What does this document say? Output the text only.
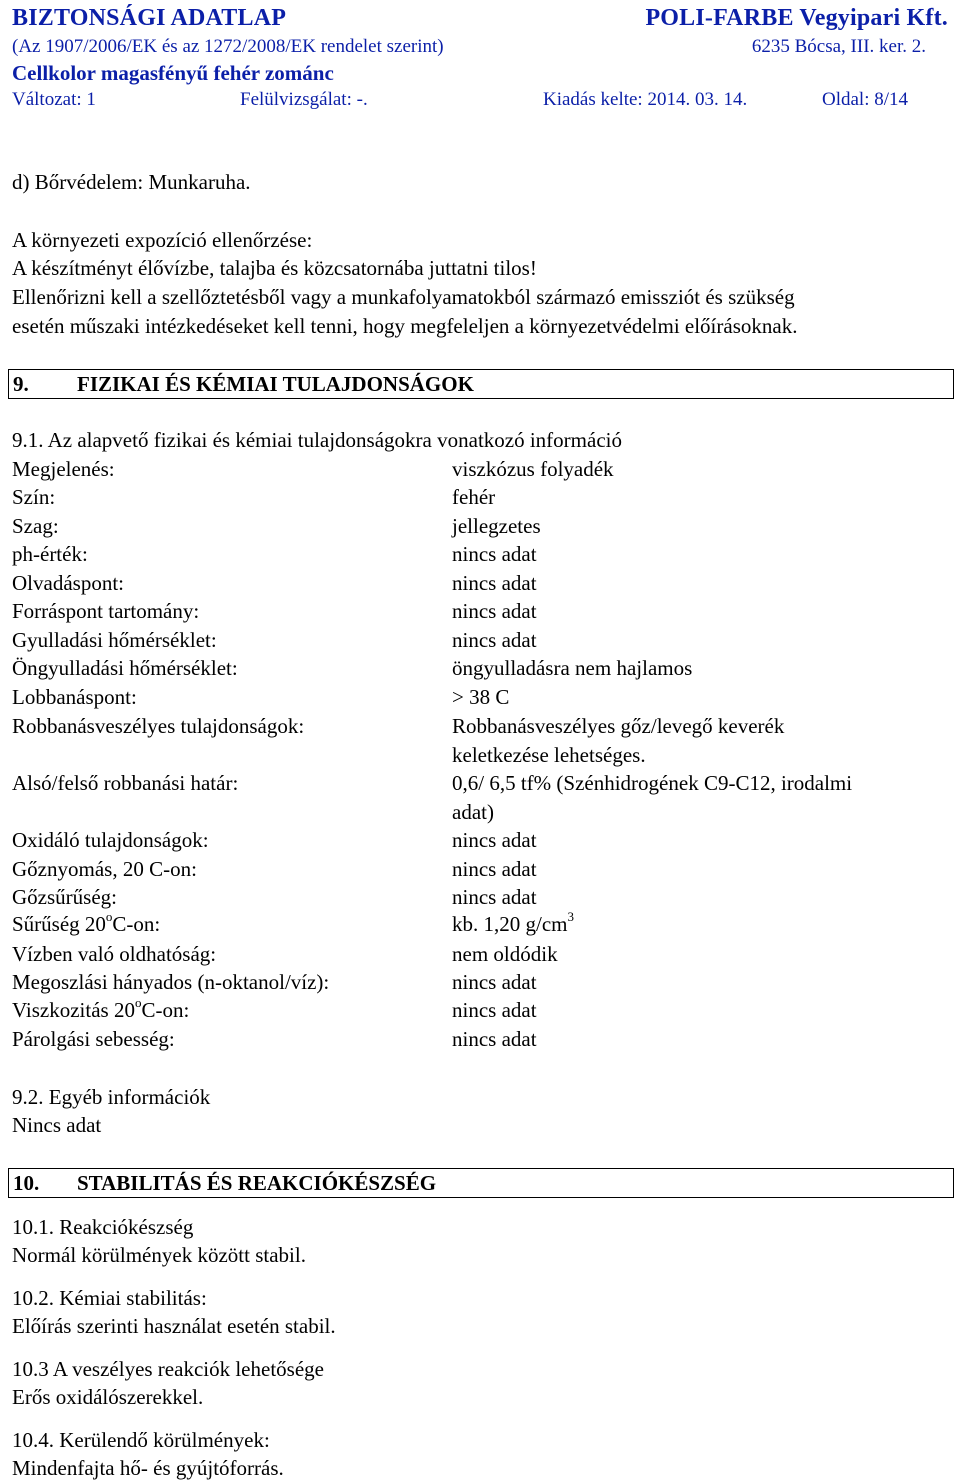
BIZTONSÁGI ADATLAP	POLI-FARBE Vegyipari Kft.
(Az 1907/2006/EK és az 1272/2008/EK rendelet szerint)	6235 Bócsa, III. ker. 2.
Cellkolor magasfényű fehér zománc
Változat: 1	Felülvizsgálat: -.	Kiadás kelte: 2014. 03. 14.	Oldal: 8/14
d) Bőrvédelem: Munkaruha.
A környezeti expozíció ellenőrzése:
A készítményt élővízbe, talajba és közcsatornába juttatni tilos!
Ellenőrizni kell a szellőztetésből vagy a munkafolyamatokból származó emissziót és szükség
esetén műszaki intézkedéseket kell tenni, hogy megfeleljen a környezetvédelmi előírásoknak.
9. FIZIKAI ÉS KÉMIAI TULAJDONSÁGOK
9.1. Az alapvető fizikai és kémiai tulajdonságokra vonatkozó információ
Megjelenés:	viszkózus folyadék
Szín:	fehér
Szag:	jellegzetes
ph-érték:	nincs adat
Olvadáspont:	nincs adat
Forráspont tartomány:	nincs adat
Gyulladási hőmérséklet:	nincs adat
Öngyulladási hőmérséklet:	öngyulladásra nem hajlamos
Lobbanáspont:	> 38 C
Robbanásveszélyes tulajdonságok:	Robbanásveszélyes gőz/levegő keverék
keletkezése lehetséges.
Alsó/felső robbanási határ:	0,6/ 6,5 tf% (Szénhidrogének C9-C12, irodalmi
adat)
Oxidáló tulajdonságok:	nincs adat
Gőznyomás, 20 C-on:	nincs adat
Gőzsűrűség:	nincs adat
Sűrűség 20$^o$C-on:	kb. 1,20 $g/cm^3$
Vízben való oldhatóság:	nem oldódik
Megoszlási hányados (n-oktanol/víz):	nincs adat
Viszkozitás 20$^o$C-on:	nincs adat
Párolgási sebesség:	nincs adat
9.2. Egyéb információk
Nincs adat
10. STABILITÁS ÉS REAKCIÓKÉSZSÉG
10.1. Reakciókészség
Normál körülmények között stabil.
10.2. Kémiai stabilitás:
Előírás szerinti használat esetén stabil.
10.3 A veszélyes reakciók lehetősége
Erős oxidálószerekkel.
10.4. Kerülendő körülmények:
Mindenfajta hő- és gyújtóforrás.
